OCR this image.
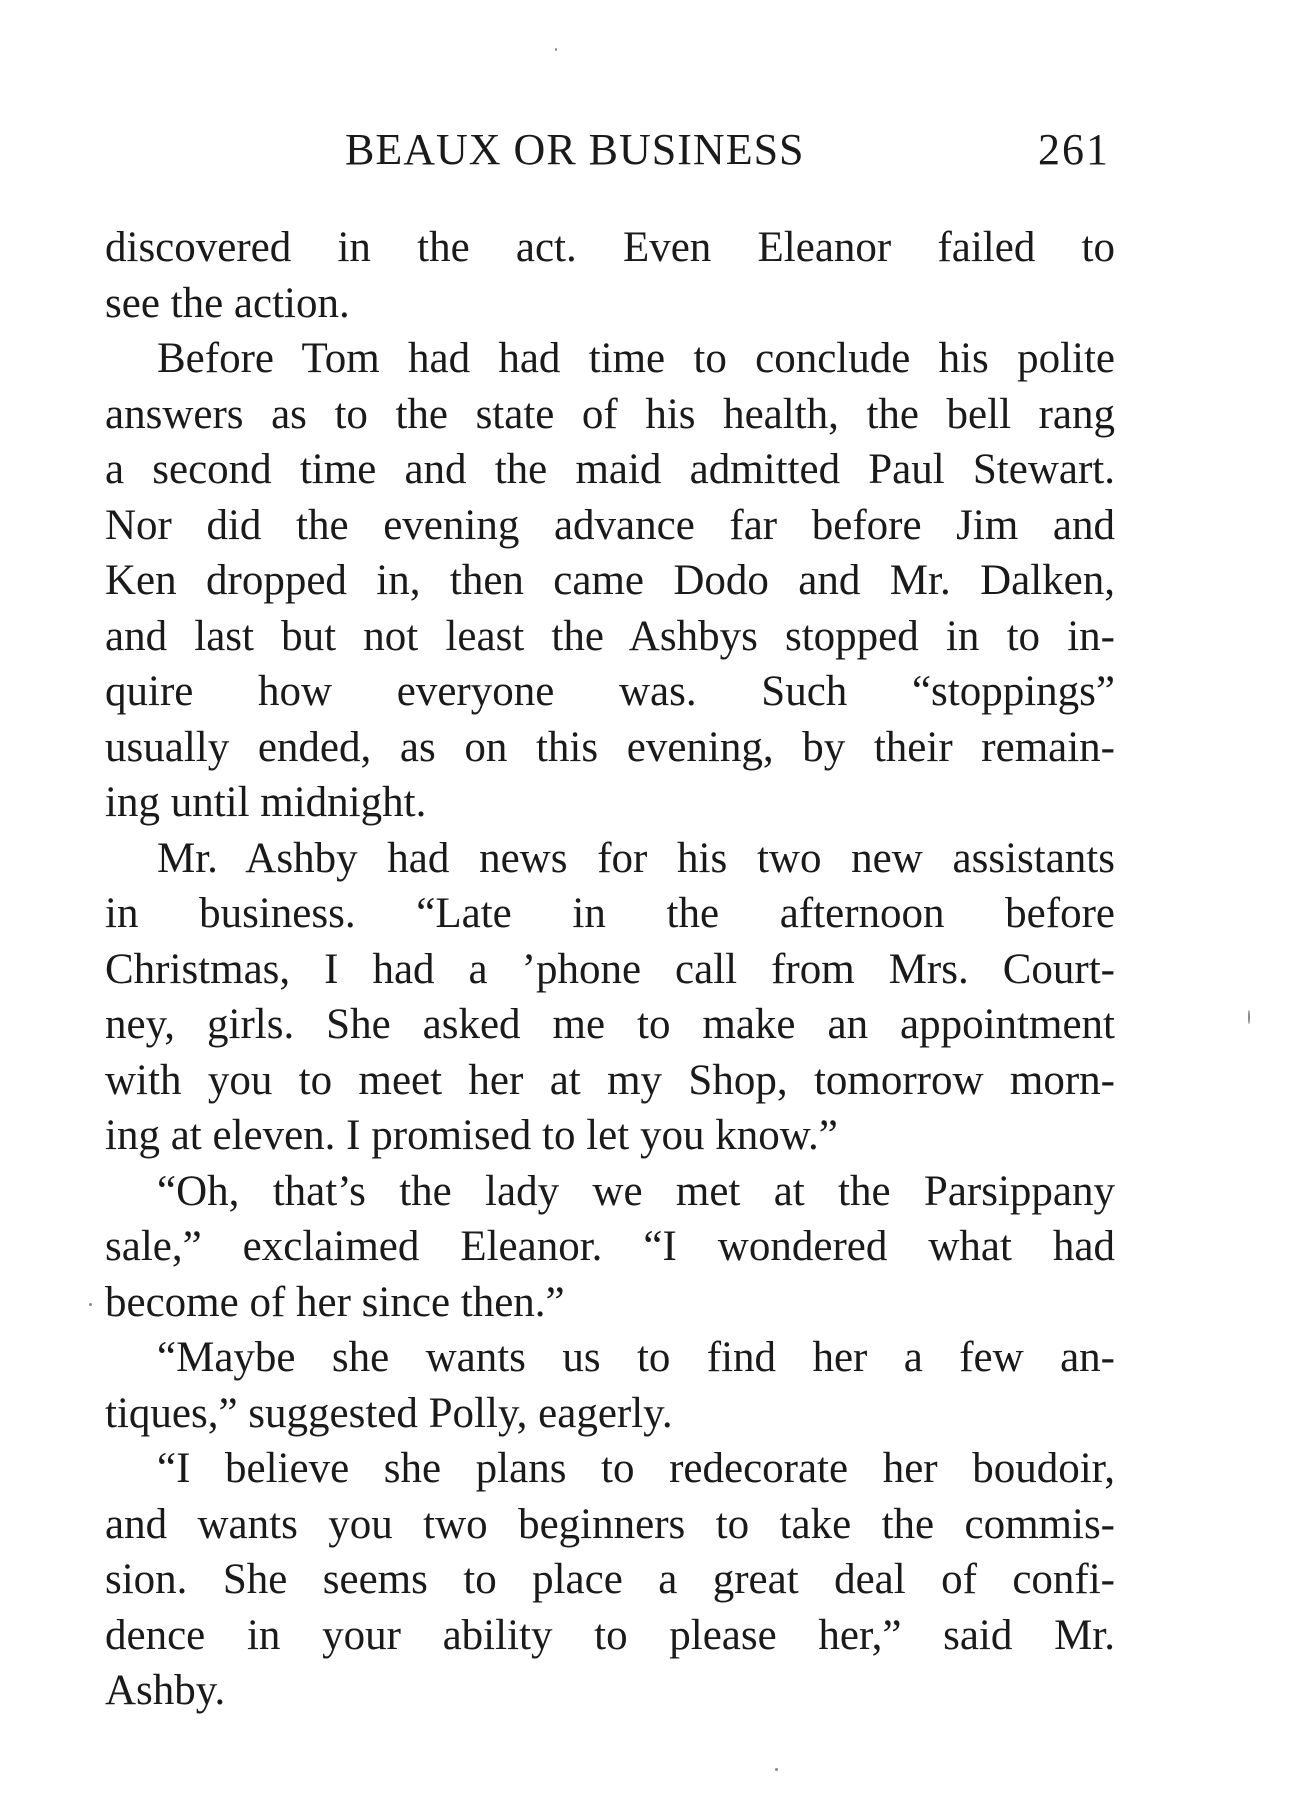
BEAUX OR BUSINESS	261
discovered in the act. Even Eleanor failed to
see the action.
Before Tom had had time to conclude his polite
answers as to the state of his health, the bell rang
a second time and the maid admitted Paul Stewart.
Nor did the evening advance far before Jim and
Ken dropped in, then came Dodo and Mr. Dalken,
and last but not least the Ashbys stopped in to in-
quire how everyone was. Such “stoppings”
usually ended, as on this evening, by their remain-
ing until midnight.
Mr. Ashby had news for his two new assistants
in business. “Late in the afternoon before
Christmas, I had a ’phone call from Mrs. Court-
ney, girls. She asked me to make an appointment
with you to meet her at my Shop, tomorrow morn-
ing at eleven. I promised to let you know.”
“Oh, that’s the lady we met at the Parsippany
sale,” exclaimed Eleanor. “I wondered what had
become of her since then.”
“Maybe she wants us to find her a few an-
tiques,” suggested Polly, eagerly.
“I believe she plans to redecorate her boudoir,
and wants you two beginners to take the commis-
sion. She seems to place a great deal of confi-
dence in your ability to please her,” said Mr.
Ashby.
